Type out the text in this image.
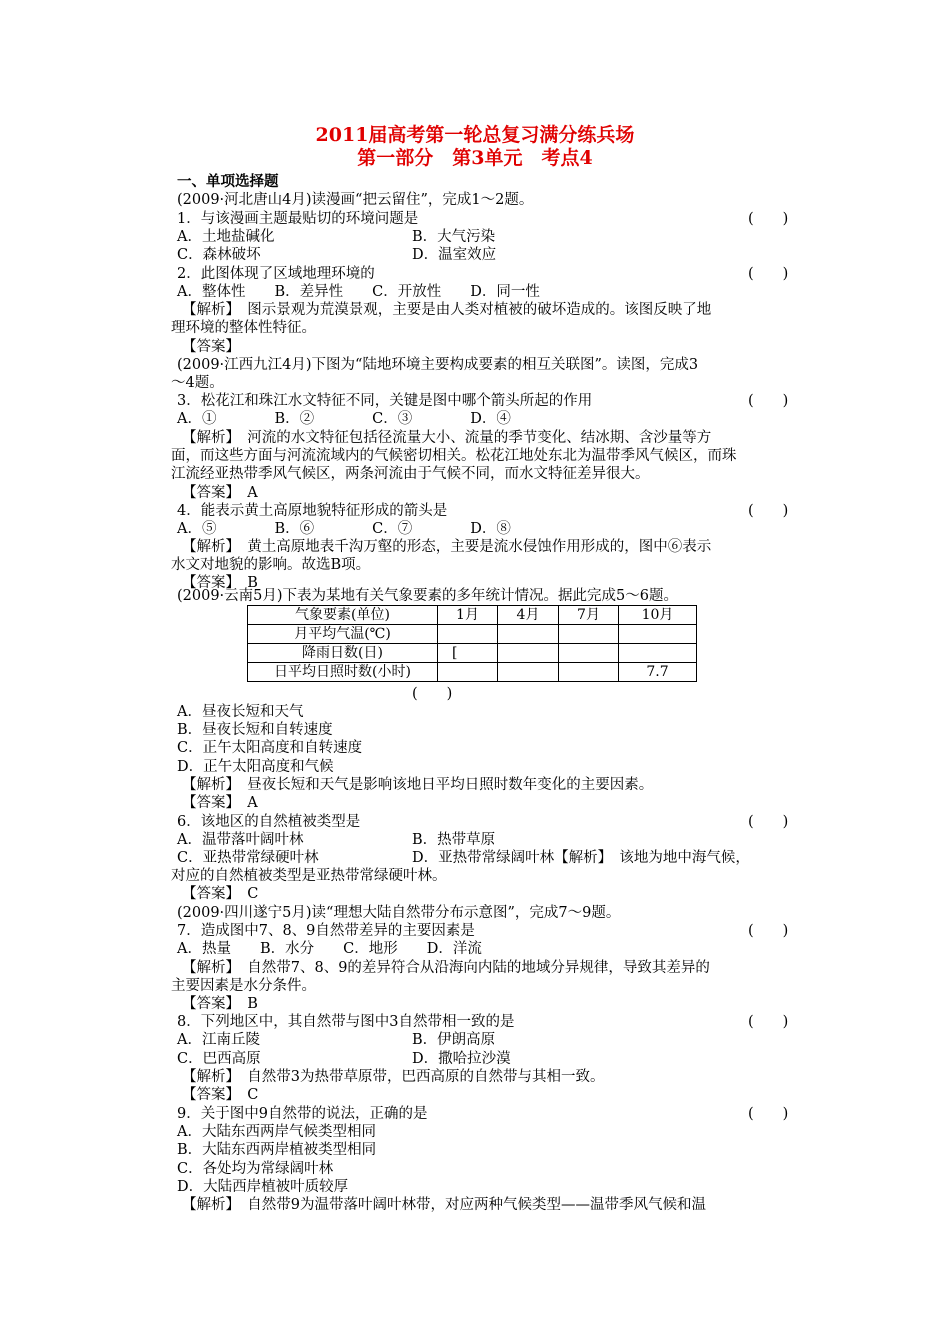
2011届高考第一轮总复习满分练兵场
第一部分　第3单元　考点4
一、单项选择题
(2009·河北唐山4月)读漫画“把云留住”，完成1～2题。
1．与该漫画主题最贴切的环境问题是	(　　)
A．土地盐碱化	B．大气污染
C．森林破坏	D．温室效应
2．此图体现了区域地理环境的	(　　)
A．整体性　　B．差异性　　C．开放性　　D．同一性
【解析】　图示景观为荒漠景观，主要是由人类对植被的破坏造成的。该图反映了地
理环境的整体性特征。
【答案】
(2009·江西九江4月)下图为“陆地环境主要构成要素的相互关联图”。读图，完成3
～4题。
3．松花江和珠江水文特征不同，关键是图中哪个箭头所起的作用	(　　)
A．①　　　　B．②　　　　C．③　　　　D．④
【解析】　河流的水文特征包括径流量大小、流量的季节变化、结冰期、含沙量等方
面，而这些方面与河流流域内的气候密切相关。松花江地处东北为温带季风气候区，而珠
江流经亚热带季风气候区，两条河流由于气候不同，而水文特征差异很大。
【答案】　A
4．能表示黄土高原地貌特征形成的箭头是	(　　)
A．⑤　　　　B．⑥　　　　C．⑦　　　　D．⑧
【解析】　黄土高原地表千沟万壑的形态，主要是流水侵蚀作用形成的，图中⑥表示
水文对地貌的影响。故选B项。
【答案】　B
(2009·云南5月)下表为某地有关气象要素的多年统计情况。据此完成5～6题。
气象要素(单位)	1月	4月	7月	10月
月平均气温(℃)				
降雨日数(日)	[			
日平均日照时数(小时)				7.7
(　　)
A．昼夜长短和天气
B．昼夜长短和自转速度
C．正午太阳高度和自转速度
D．正午太阳高度和气候
【解析】　昼夜长短和天气是影响该地日平均日照时数年变化的主要因素。
【答案】　A
6．该地区的自然植被类型是	(　　)
A．温带落叶阔叶林	B．热带草原
C．亚热带常绿硬叶林	D．亚热带常绿阔叶林【解析】　该地为地中海气候，
对应的自然植被类型是亚热带常绿硬叶林。
【答案】　C
(2009·四川遂宁5月)读“理想大陆自然带分布示意图”，完成7～9题。
7．造成图中7、8、9自然带差异的主要因素是	(　　)
A．热量　　B．水分　　C．地形　　D．洋流
【解析】　自然带7、8、9的差异符合从沿海向内陆的地域分异规律，导致其差异的
主要因素是水分条件。
【答案】　B
8．下列地区中，其自然带与图中3自然带相一致的是	(　　)
A．江南丘陵	B．伊朗高原
C．巴西高原	D．撒哈拉沙漠
【解析】　自然带3为热带草原带，巴西高原的自然带与其相一致。
【答案】　C
9．关于图中9自然带的说法，正确的是	(　　)
A．大陆东西两岸气候类型相同
B．大陆东西两岸植被类型相同
C．各处均为常绿阔叶林
D．大陆西岸植被叶质较厚
【解析】　自然带9为温带落叶阔叶林带，对应两种气候类型——温带季风气候和温
